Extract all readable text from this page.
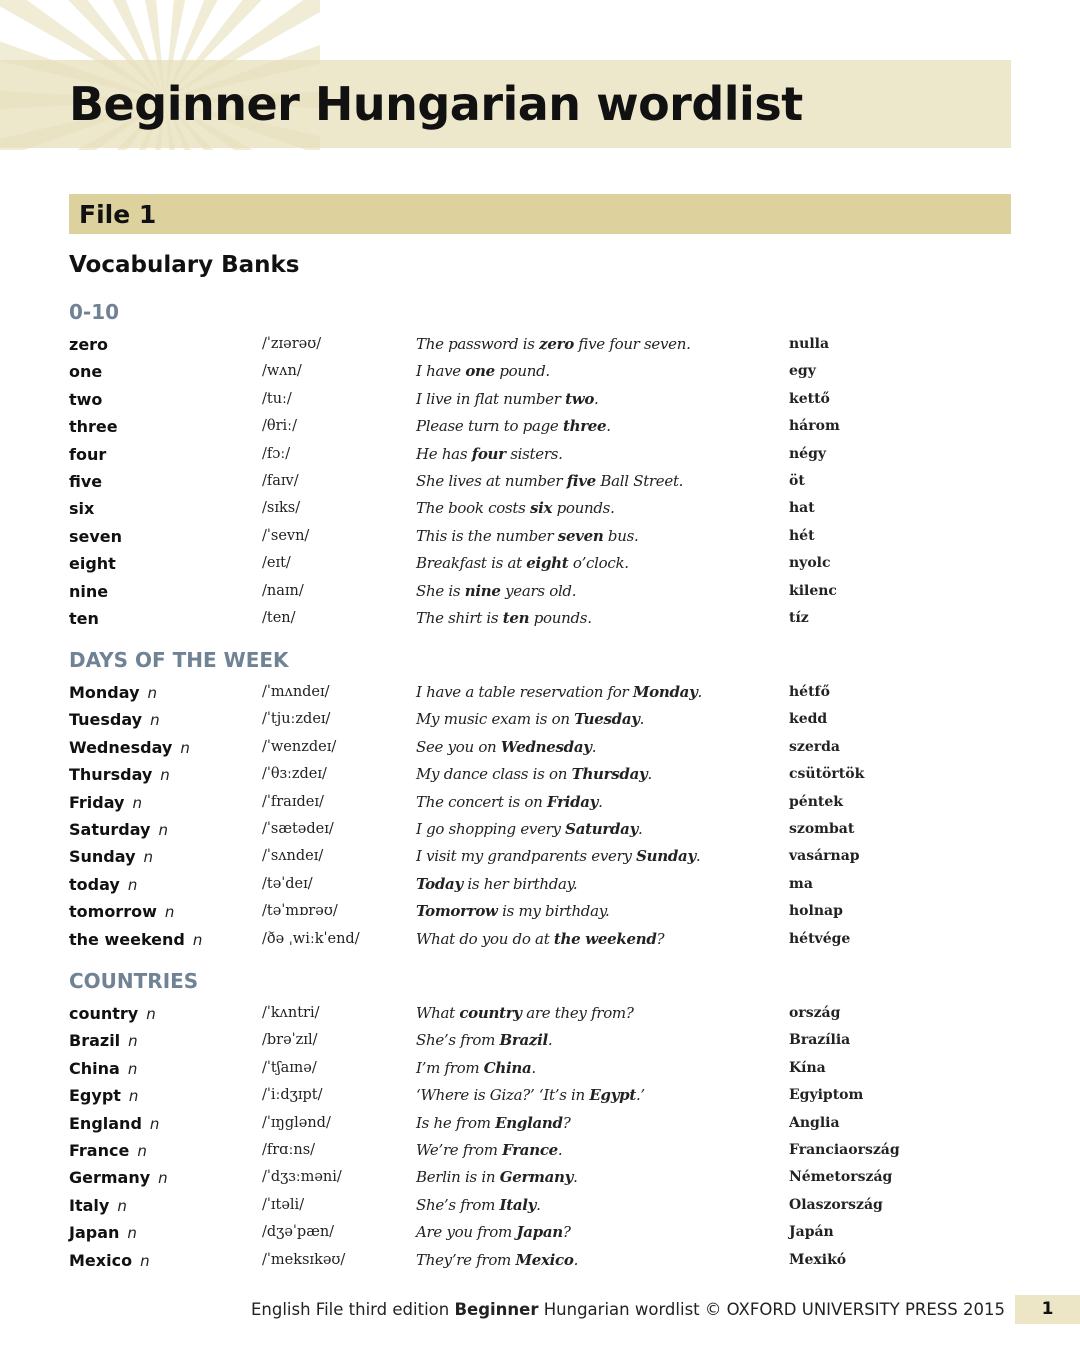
Beginner Hungarian wordlist
File 1
Vocabulary Banks
0-10
zero	/ˈzɪərəʊ/	The password is zero five four seven.	nulla
one	/wʌn/	I have one pound.	egy
two	/tuː/	I live in flat number two.	kettő
three	/θriː/	Please turn to page three.	három
four	/fɔː/	He has four sisters.	négy
five	/faɪv/	She lives at number five Ball Street.	öt
six	/sɪks/	The book costs six pounds.	hat
seven	/ˈsevn/	This is the number seven bus.	hét
eight	/eɪt/	Breakfast is at eight o’clock.	nyolc
nine	/naɪn/	She is nine years old.	kilenc
ten	/ten/	The shirt is ten pounds.	tíz
DAYS OF THE WEEK
Monday n	/ˈmʌndeɪ/	I have a table reservation for Monday.	hétfő
Tuesday n	/ˈtjuːzdeɪ/	My music exam is on Tuesday.	kedd
Wednesday n	/ˈwenzdeɪ/	See you on Wednesday.	szerda
Thursday n	/ˈθɜːzdeɪ/	My dance class is on Thursday.	csütörtök
Friday n	/ˈfraɪdeɪ/	The concert is on Friday.	péntek
Saturday n	/ˈsætədeɪ/	I go shopping every Saturday.	szombat
Sunday n	/ˈsʌndeɪ/	I visit my grandparents every Sunday.	vasárnap
today n	/təˈdeɪ/	Today is her birthday.	ma
tomorrow n	/təˈmɒrəʊ/	Tomorrow is my birthday.	holnap
the weekend n	/ðə ˌwiːkˈend/	What do you do at the weekend?	hétvége
COUNTRIES
country n	/ˈkʌntri/	What country are they from?	ország
Brazil n	/brəˈzɪl/	She’s from Brazil.	Brazília
China n	/ˈtʃaɪnə/	I’m from China.	Kína
Egypt n	/ˈiːdʒɪpt/	‘Where is Giza?’ ‘It’s in Egypt.’	Egyiptom
England n	/ˈɪŋglənd/	Is he from England?	Anglia
France n	/frɑːns/	We’re from France.	Franciaország
Germany n	/ˈdʒɜːməni/	Berlin is in Germany.	Németország
Italy n	/ˈɪtəli/	She’s from Italy.	Olaszország
Japan n	/dʒəˈpæn/	Are you from Japan?	Japán
Mexico n	/ˈmeksɪkəʊ/	They’re from Mexico.	Mexikó
English File third edition Beginner Hungarian wordlist © OXFORD UNIVERSITY PRESS 2015	1
